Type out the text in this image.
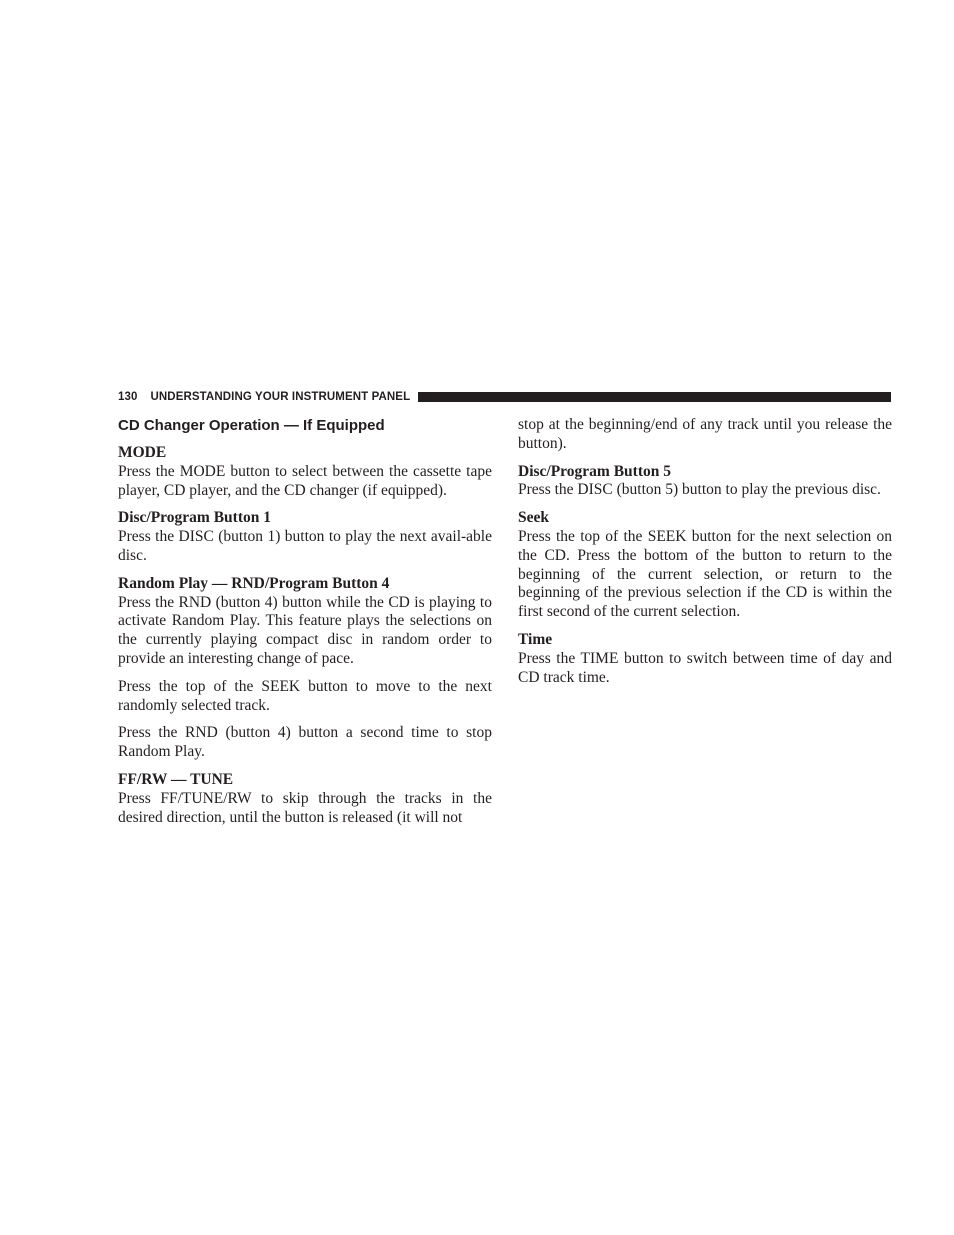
130 UNDERSTANDING YOUR INSTRUMENT PANEL
CD Changer Operation — If Equipped
MODE

Press the MODE button to select between the cassette tape player, CD player, and the CD changer (if equipped).

Disc/Program Button 1

Press the DISC (button 1) button to play the next avail-able disc.

Random Play — RND/Program Button 4

Press the RND (button 4) button while the CD is playing to activate Random Play. This feature plays the selections on the currently playing compact disc in random order to provide an interesting change of pace.

Press the top of the SEEK button to move to the next randomly selected track.

Press the RND (button 4) button a second time to stop Random Play.

FF/RW — TUNE

Press FF/TUNE/RW to skip through the tracks in the desired direction, until the button is released (it will not

stop at the beginning/end of any track until you release the button).

Disc/Program Button 5

Press the DISC (button 5) button to play the previous disc.

Seek

Press the top of the SEEK button for the next selection on the CD. Press the bottom of the button to return to the beginning of the current selection, or return to the beginning of the previous selection if the CD is within the first second of the current selection.

Time

Press the TIME button to switch between time of day and CD track time.
